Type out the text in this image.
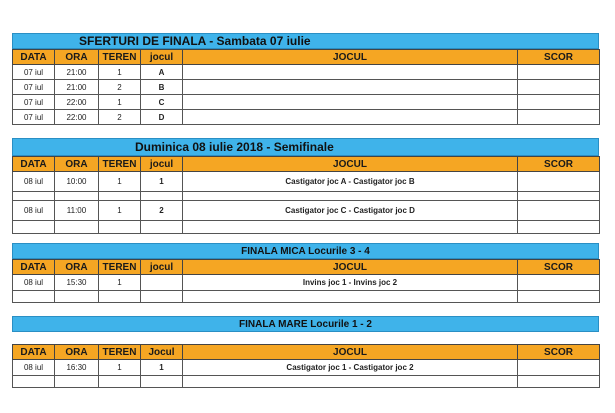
SFERTURI DE FINALA - Sambata 07 iulie
DATA	ORA	TEREN	jocul	JOCUL	SCOR
07 iul	21:00	1	A		
07 iul	21:00	2	B		
07 iul	22:00	1	C		
07 iul	22:00	2	D		
Duminica 08 iulie 2018 - Semifinale
DATA	ORA	TEREN	jocul	JOCUL	SCOR
08 iul	10:00	1	1	Castigator joc A - Castigator joc B	

08 iul	11:00	1	2	Castigator joc C - Castigator joc D	

FINALA MICA Locurile 3 - 4
DATA	ORA	TEREN	jocul	JOCUL	SCOR
08 iul	15:30	1		Invins joc 1 - Invins joc 2	

FINALA MARE Locurile 1 - 2
DATA	ORA	TEREN	Jocul	JOCUL	SCOR
08 iul	16:30	1	1	Castigator joc 1 - Castigator joc 2	
